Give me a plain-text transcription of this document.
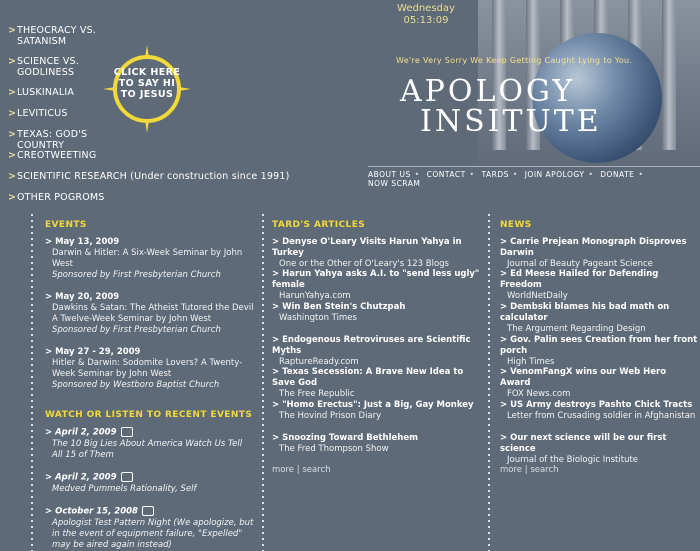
> THEOCRACY VS. SATANISM
> SCIENCE VS. GODLINESS
> LUSKINALIA
> LEVITICUS
> TEXAS: GOD'S COUNTRY
> CREOTWEETING
> SCIENTIFIC RESEARCH (Under construction since 1991)
> OTHER POGROMS
CLICK HERE TO SAY HI TO JESUS
Wednesday
05:13:09
We're Very Sorry We Keep Getting Caught Lying to You.
APOLOGY
INSITUTE
ABOUT US • CONTACT • TARDS • JOIN APOLOGY • DONATE • NOW SCRAM
EVENTS
> May 13, 2009
Darwin & Hitler: A Six-Week Seminar by John West
Sponsored by First Presbyterian Church
> May 20, 2009
Dawkins & Satan: The Atheist Tutored the Devil A Twelve-Week Seminar by John West
Sponsored by First Presbyterian Church
> May 27 - 29, 2009
Hitler & Darwin: Sodomite Lovers? A Twenty-Week Seminar by John West
Sponsored by Westboro Baptist Church
WATCH OR LISTEN TO RECENT EVENTS
> April 2, 2009
The 10 Big Lies About America Watch Us Tell All 15 of Them
> April 2, 2009
Medved Pummels Rationality, Self
> October 15, 2008
Apologist Test Pattern Night (We apologize, but in the event of equipment failure, "Expelled" may be aired again instead)
TARD'S ARTICLES
> Denyse O'Leary Visits Harun Yahya in Turkey
One or the Other of O'Leary's 123 Blogs
> Harun Yahya asks A.I. to "send less ugly" female
HarunYahya.com
> Win Ben Stein's Chutzpah
Washington Times
> Endogenous Retroviruses are Scientific Myths
RaptureReady.com
> Texas Secession: A Brave New Idea to Save God
The Free Republic
> "Homo Erectus": Just a Big, Gay Monkey
The Hovind Prison Diary
> Snoozing Toward Bethlehem
The Fred Thompson Show
more | search
NEWS
> Carrie Prejean Monograph Disproves Darwin
Journal of Beauty Pageant Science
> Ed Meese Hailed for Defending Freedom
WorldNetDaily
> Dembski blames his bad math on calculator
The Argument Regarding Design
> Gov. Palin sees Creation from her front porch
High Times
> VenomFangX wins our Web Hero Award
FOX News.com
> US Army destroys Pashto Chick Tracts
Letter from Crusading soldier in Afghanistan
> Our next science will be our first science
Journal of the Biologic Institute
more | search
